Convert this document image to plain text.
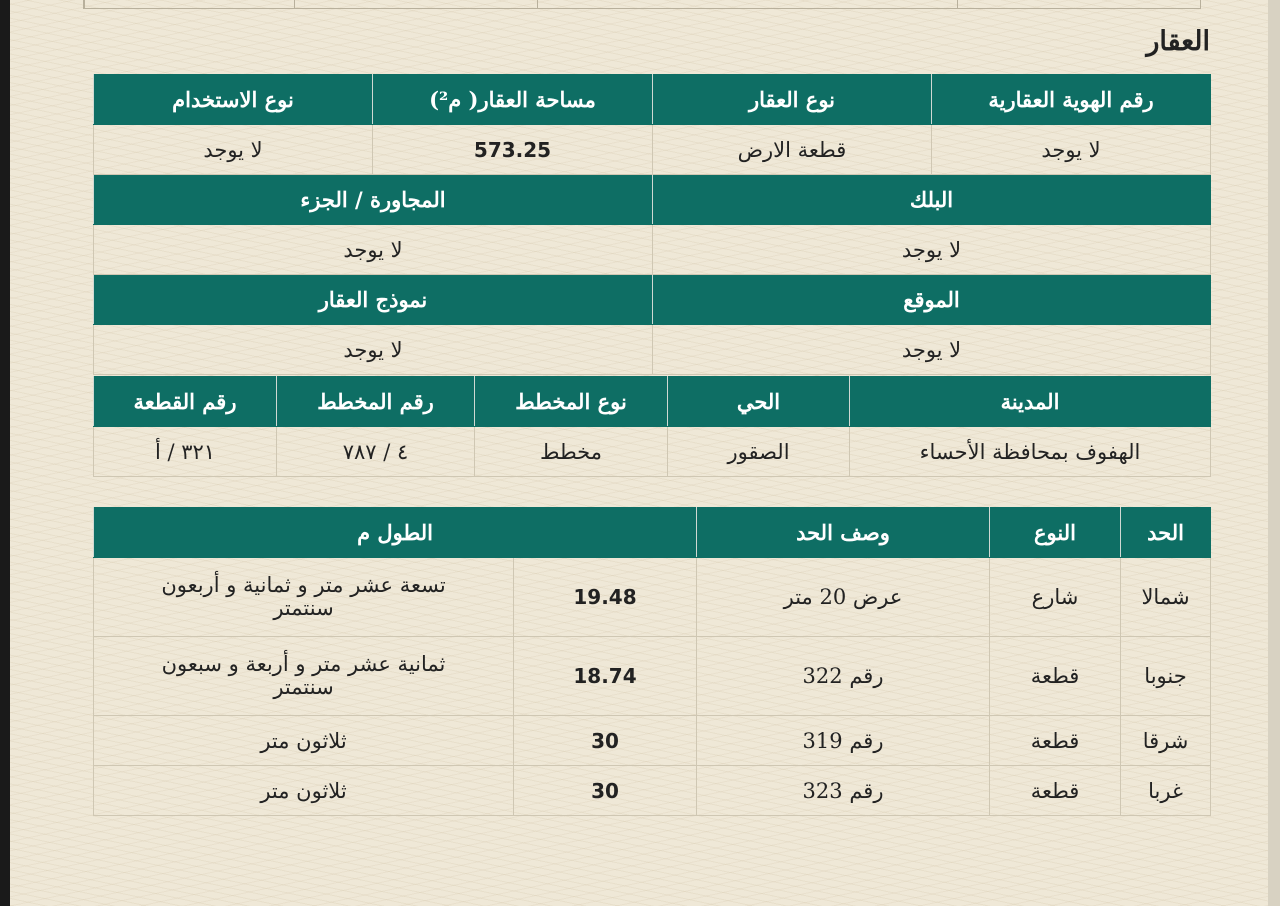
العقار
رقم الهوية العقارية	نوع العقار	مساحة العقار( م²)	نوع الاستخدام
لا يوجد	قطعة الارض	573.25	لا يوجد
البلك		المجاورة / الجزء	
لا يوجد		لا يوجد	
الموقع		نموذج العقار	
لا يوجد		لا يوجد	
المدينة	الحي	نوع المخطط	رقم المخطط	رقم القطعة
الهفوف بمحافظة الأحساء	الصقور	مخطط	٤ / ٧٨٧	٣٢١ / أ
الحد	النوع	وصف الحد	الطول م	
شمالا	شارع	عرض 20 متر	19.48	تسعة عشر متر و ثمانية و أربعون سنتمتر
جنوبا	قطعة	رقم 322	18.74	ثمانية عشر متر و أربعة و سبعون سنتمتر
شرقا	قطعة	رقم 319	30	ثلاثون متر
غربا	قطعة	رقم 323	30	ثلاثون متر
